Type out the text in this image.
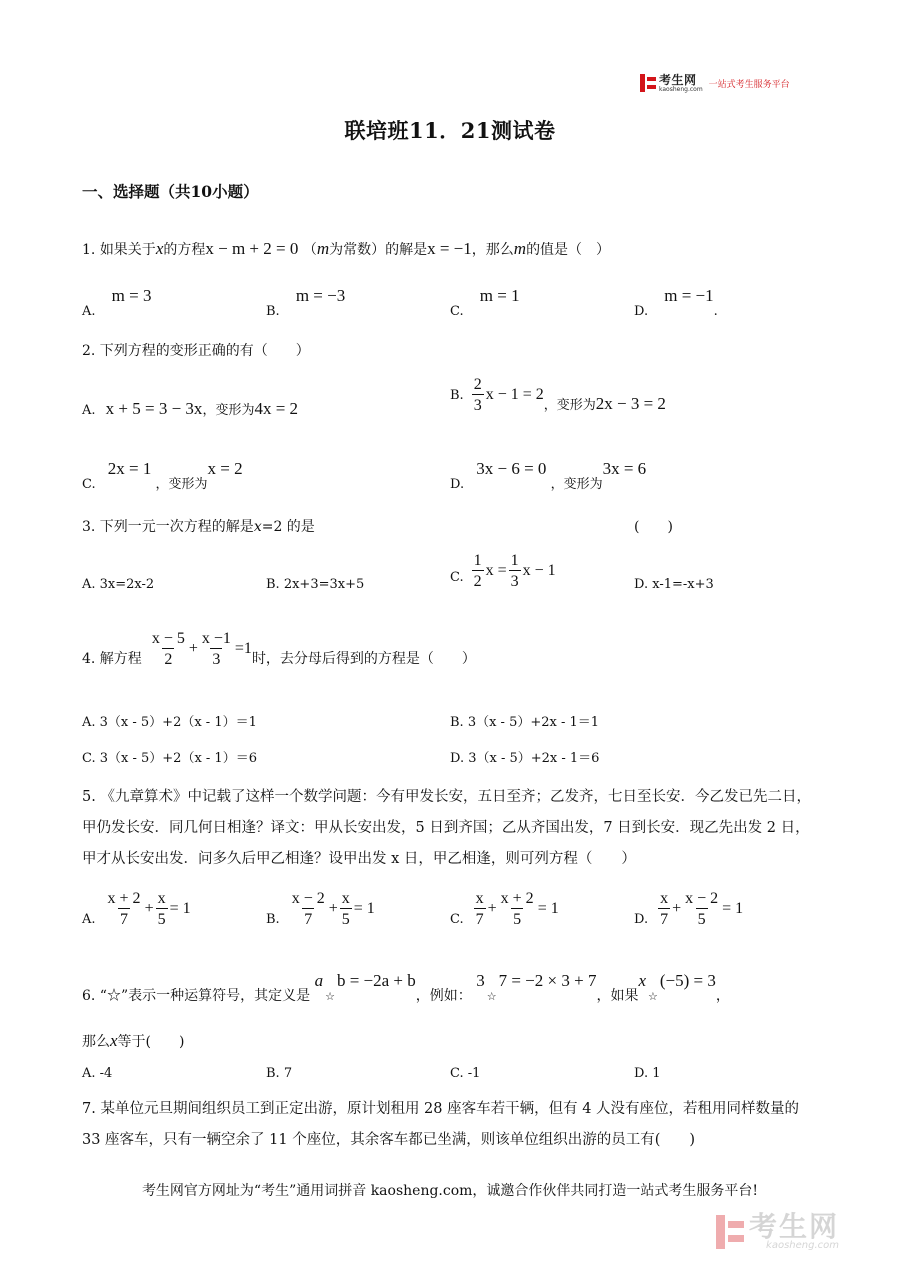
考生网
kaosheng.com 一站式考生服务平台
联培班11．21测试卷
一、选择题（共10小题）
1. 如果关于x的方程x − m + 2 = 0 （m为常数）的解是x = −1，那么m的值是（　）
A. m = 3
B. m = −3
C. m = 1
D. m = −1.
2. 下列方程的变形正确的有（　　）
A. x + 5 = 3 − 3x，变形为4x = 2
B. $\frac{2}{3}$ x − 1 = 2
，变形为 2x − 3 = 2
C. 2x = 1 ，变形为x = 2
D. 3x − 6 = 0 ，变形为3x = 6
3. 下列一元一次方程的解是x=2 的是	(　　)
A. 3x=2x-2	B. 2x+3=3x+5	C. $\frac{1}{2}$ $x = \frac{1}{3}$ x − 1
D. x-1=-x+3
4. 解方程 $\frac{x - 5}{2} + \frac{x -1}{3} =1$
时，去分母后得到的方程是（　　）
A. 3（x - 5）+2（x - 1）＝1	B. 3（x - 5）+2x - 1＝1
C. 3（x - 5）+2（x - 1）＝6	D. 3（x - 5）+2x - 1＝6
5. 《九章算术》中记载了这样一个数学问题：今有甲发长安，五日至齐；乙发齐，七日至长安．今乙发已先二日，甲仍发长安．同几何日相逢？译文：甲从长安出发，5 日到齐国；乙从齐国出发，7 日到长安．现乙先出发 2 日，甲才从长安出发．问多久后甲乙相逢？设甲出发 x 日，甲乙相逢，则可列方程（　　）
A. $\frac{x + 2}{7} + \frac{x}{5} = 1$
B. $\frac{x - 2}{7} + \frac{x}{5} = 1$
C. $\frac{x}{7} + \frac{x + 2}{5} = 1$
D. $\frac{x}{7} + \frac{x - 2}{5} = 1$
6. “☆”表示一种运算符号，其定义是 $a_☆b = -2a + b$，例如： $3_☆7 = -2 \times 3 + 7$，如果$x_☆(-5) = 3$，
那么x等于(　　)
A. -4	B. 7	C. -1	D. 1
7. 某单位元旦期间组织员工到正定出游，原计划租用 28 座客车若干辆，但有 4 人没有座位，若租用同样数量的 33 座客车，只有一辆空余了 11 个座位，其余客车都已坐满，则该单位组织出游的员工有(　　)
考生网官方网址为“考生”通用词拼音 kaosheng.com，诚邀合作伙伴共同打造一站式考生服务平台!
考生网
kaosheng.com
